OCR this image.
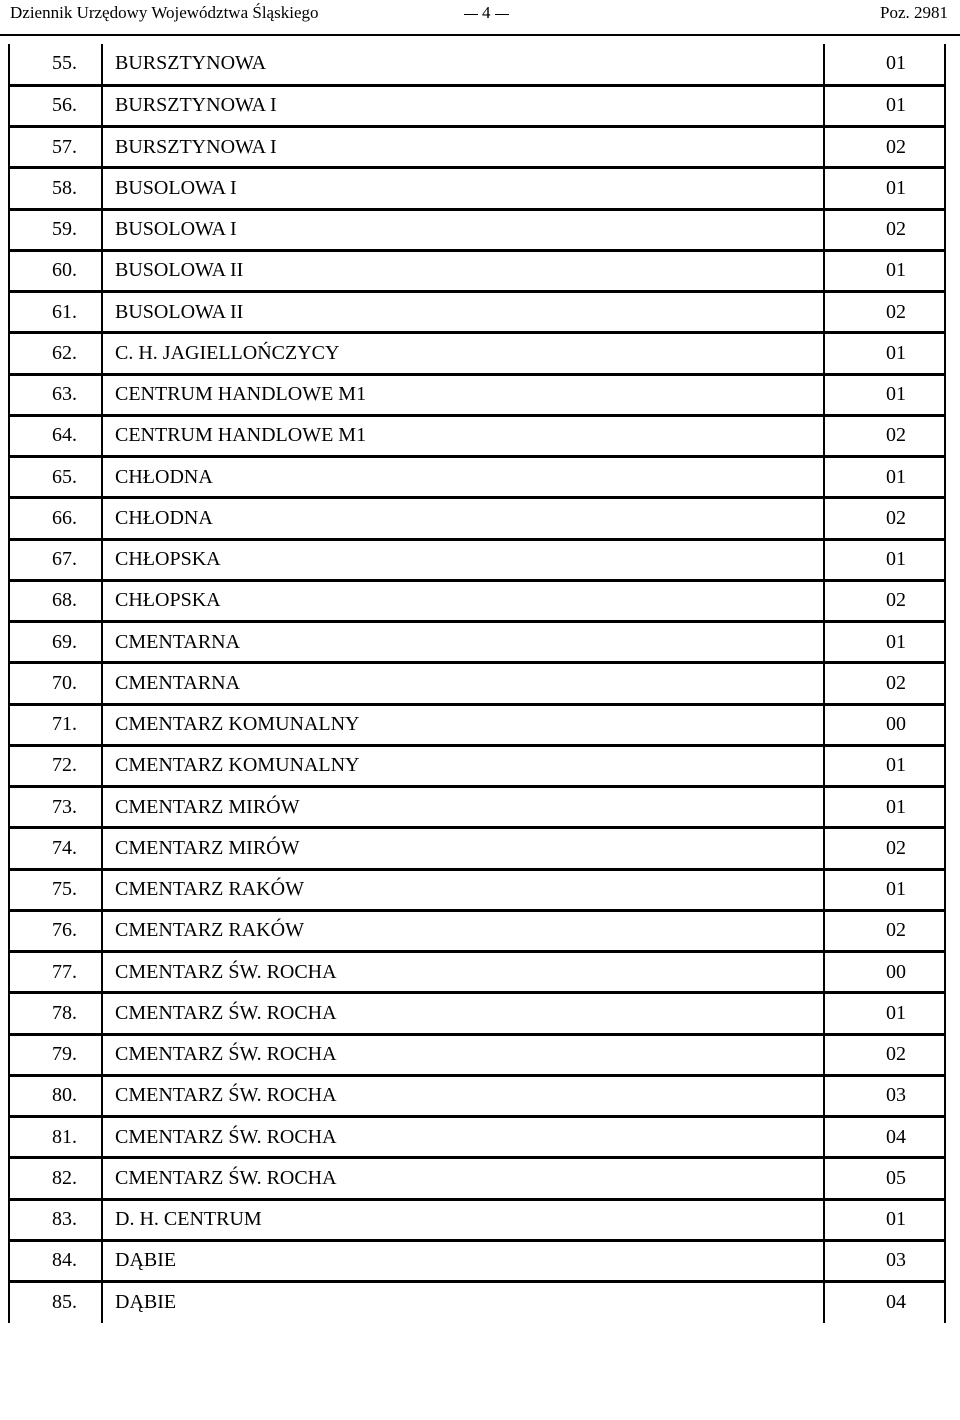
Dziennik Urzędowy Województwa Śląskiego	4	Poz. 2981
55.	BURSZTYNOWA	01
56.	BURSZTYNOWA I	01
57.	BURSZTYNOWA I	02
58.	BUSOLOWA I	01
59.	BUSOLOWA I	02
60.	BUSOLOWA II	01
61.	BUSOLOWA II	02
62.	C. H. JAGIELLOŃCZYCY	01
63.	CENTRUM HANDLOWE M1	01
64.	CENTRUM HANDLOWE M1	02
65.	CHŁODNA	01
66.	CHŁODNA	02
67.	CHŁOPSKA	01
68.	CHŁOPSKA	02
69.	CMENTARNA	01
70.	CMENTARNA	02
71.	CMENTARZ KOMUNALNY	00
72.	CMENTARZ KOMUNALNY	01
73.	CMENTARZ MIRÓW	01
74.	CMENTARZ MIRÓW	02
75.	CMENTARZ RAKÓW	01
76.	CMENTARZ RAKÓW	02
77.	CMENTARZ ŚW. ROCHA	00
78.	CMENTARZ ŚW. ROCHA	01
79.	CMENTARZ ŚW. ROCHA	02
80.	CMENTARZ ŚW. ROCHA	03
81.	CMENTARZ ŚW. ROCHA	04
82.	CMENTARZ ŚW. ROCHA	05
83.	D. H. CENTRUM	01
84.	DĄBIE	03
85.	DĄBIE	04
